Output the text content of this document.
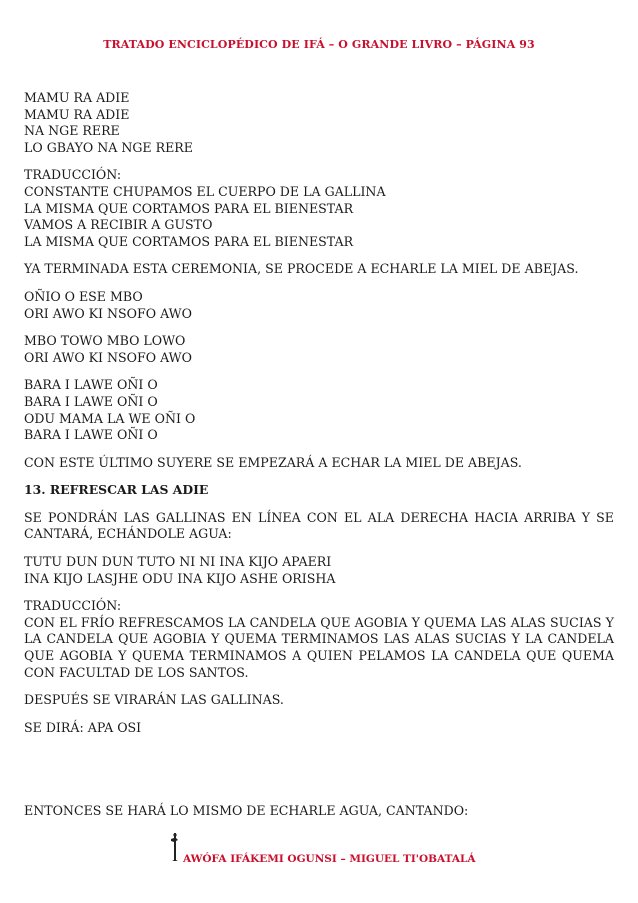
TRATADO ENCICLOPÉDICO DE IFÁ – O GRANDE LIVRO – PÁGINA 93
MAMU RA ADIE
MAMU RA ADIE
NA NGE RERE
LO GBAYO NA NGE RERE
TRADUCCIÓN:
CONSTANTE CHUPAMOS EL CUERPO DE LA GALLINA
LA MISMA QUE CORTAMOS PARA EL BIENESTAR
VAMOS A RECIBIR A GUSTO
LA MISMA QUE CORTAMOS PARA EL BIENESTAR
YA TERMINADA ESTA CEREMONIA, SE PROCEDE A ECHARLE LA MIEL DE ABEJAS.
OÑIO O ESE MBO
ORI AWO KI NSOFO AWO
MBO TOWO MBO LOWO
ORI AWO KI NSOFO AWO
BARA I LAWE OÑI O
BARA I LAWE OÑI O
ODU MAMA LA WE OÑI O
BARA I LAWE OÑI O
CON ESTE ÚLTIMO SUYERE SE EMPEZARÁ A ECHAR LA MIEL DE ABEJAS.
13. REFRESCAR LAS ADIE
SE PONDRÁN LAS GALLINAS EN LÍNEA CON EL ALA DERECHA HACIA ARRIBA Y SE CANTARÁ, ECHÁNDOLE AGUA:
TUTU DUN DUN TUTO NI NI INA KIJO APAERI
INA KIJO LASJHE ODU INA KIJO ASHE ORISHA
TRADUCCIÓN:
CON EL FRÍO REFRESCAMOS LA CANDELA QUE AGOBIA Y QUEMA LAS ALAS SUCIAS Y LA CANDELA QUE AGOBIA Y QUEMA TERMINAMOS LAS ALAS SUCIAS Y LA CANDELA QUE AGOBIA Y QUEMA TERMINAMOS A QUIEN PELAMOS LA CANDELA QUE QUEMA CON FACULTAD DE LOS SANTOS.
DESPUÉS SE VIRARÁN LAS GALLINAS.
SE DIRÁ: APA OSI
ENTONCES SE HARÁ LO MISMO DE ECHARLE AGUA, CANTANDO:
AWÓFA IFÁKEMI OGUNSI – MIGUEL TI'OBATALÁ
